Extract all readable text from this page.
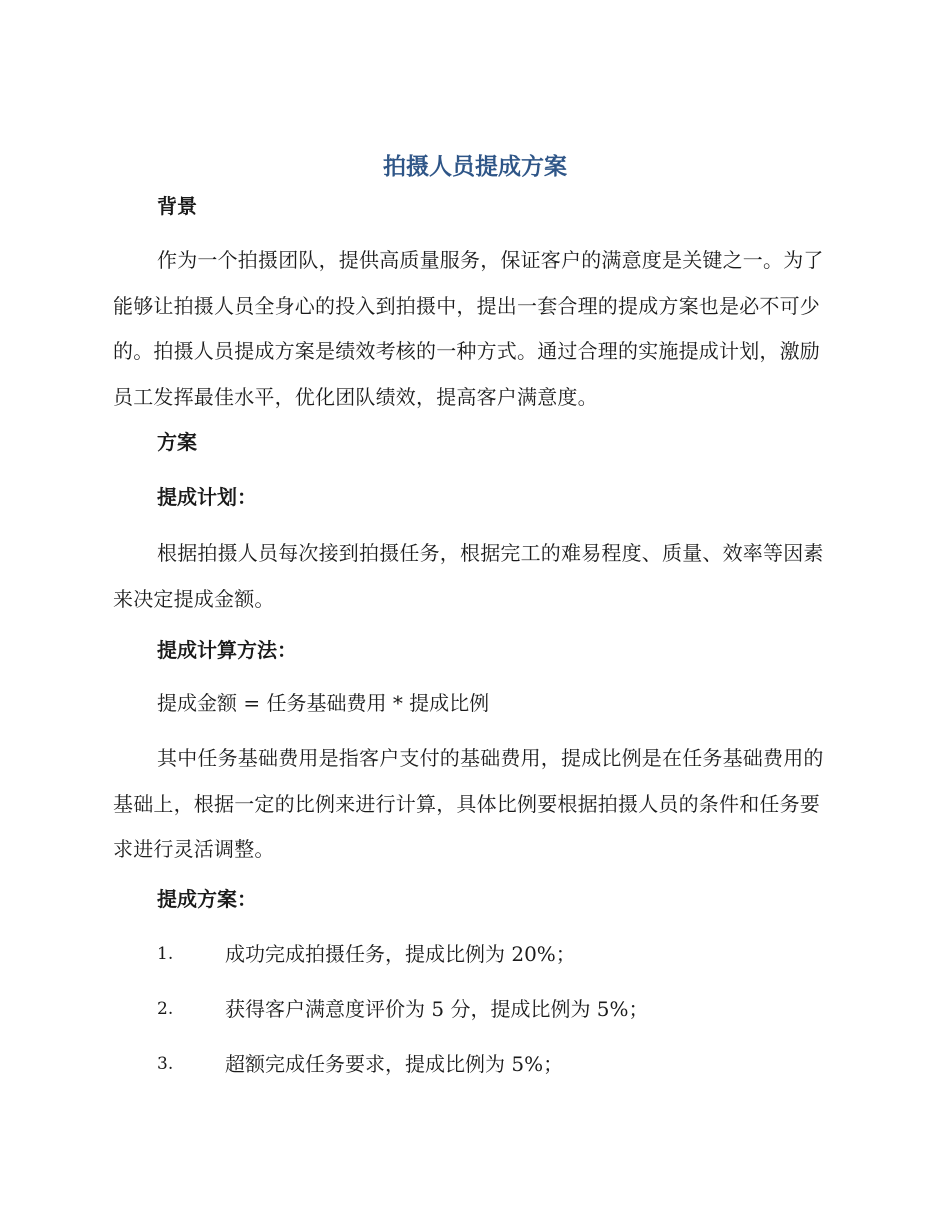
拍摄人员提成方案
背景

作为一个拍摄团队，提供高质量服务，保证客户的满意度是关键之一。为了能够让拍摄人员全身心的投入到拍摄中，提出一套合理的提成方案也是必不可少的。拍摄人员提成方案是绩效考核的一种方式。通过合理的实施提成计划，激励员工发挥最佳水平，优化团队绩效，提高客户满意度。

方案
提成计划：

根据拍摄人员每次接到拍摄任务，根据完工的难易程度、质量、效率等因素来决定提成金额。

提成计算方法：

提成金额 = 任务基础费用 * 提成比例

其中任务基础费用是指客户支付的基础费用，提成比例是在任务基础费用的基础上，根据一定的比例来进行计算，具体比例要根据拍摄人员的条件和任务要求进行灵活调整。

提成方案：
1.	成功完成拍摄任务，提成比例为 20%；
2.	获得客户满意度评价为 5 分，提成比例为 5%；
3.	超额完成任务要求，提成比例为 5%；
